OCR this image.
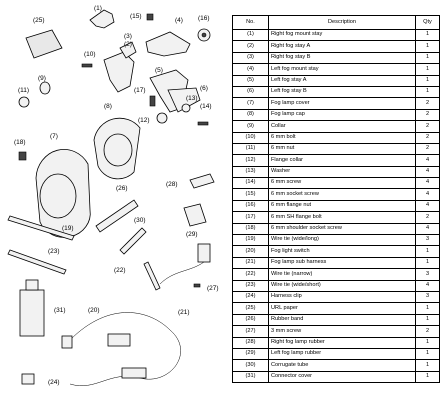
(25)
(1)
(15)
(4) (16)
(3)
(2)
(10)
(9)
(11)
(5)
(6)
(17)
(8)
(12)
(13)
(14)
(18)
(7)
(26)
(28)
(29)
(30)
(19)
(23)
(20)
(22)
(27)
(31)	(21)
(24)
No.	Description	Qty
(1)	Right fog mount stay	1
(2)	Right fog stay A	1
(3)	Right fog stay B	1
(4)	Left fog mount stay	1
(5)	Left fog stay A	1
(6)	Left fog stay B	1
(7)	Fog lamp cover	2
(8)	Fog lamp cap	2
(9)	Collar	2
(10)	6 mm bolt	2
(11)	6 mm nut	2
(12)	Flange collar	4
(13)	Washer	4
(14)	6 mm screw	4
(15)	6 mm socket screw	4
(16)	6 mm flange nut	4
(17)	6 mm SH flange bolt	2
(18)	6 mm shoulder socket screw	4
(19)	Wire tie (wide/long)	3
(20)	Fog light switch	1
(21)	Fog lamp sub harness	1
(22)	Wire tie (narrow)	3
(23)	Wire tie (wide/short)	4
(24)	Harness clip	3
(25)	URL paper	1
(26)	Rubber band	1
(27)	3 mm screw	2
(28)	Right fog lamp rubber	1
(29)	Left fog lamp rubber	1
(30)	Corrugate tube	1
(31)	Connector cover	1
